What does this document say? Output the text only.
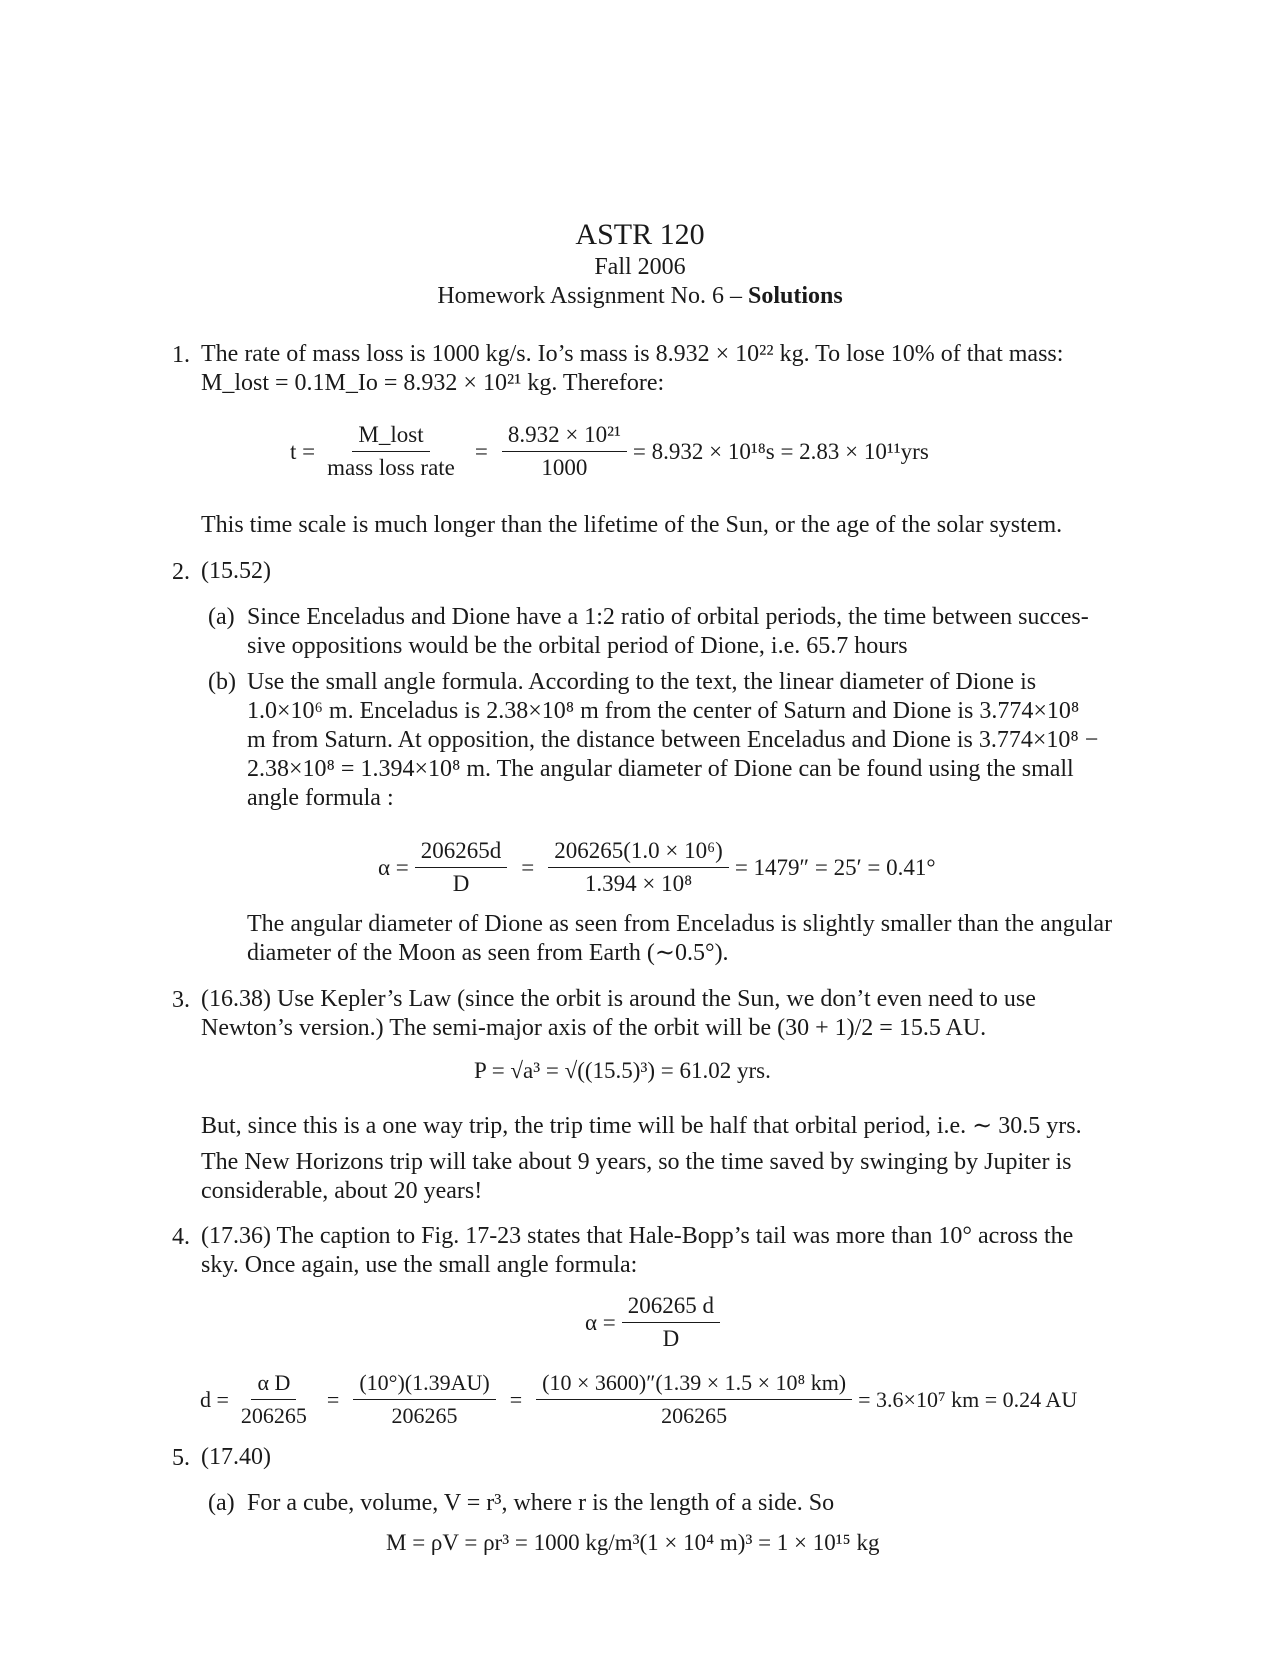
ASTR 120
Fall 2006
Homework Assignment No. 6 – Solutions
1. The rate of mass loss is 1000 kg/s. Io’s mass is 8.932 × 10²² kg. To lose 10% of that mass:
M_lost = 0.1M_Io = 8.932 × 10²¹ kg. Therefore:
$t = \frac{\text{M\_lost}}{\text{mass loss rate}} = \frac{\text{8.932 × 10²¹}}{1000} = 8.932 \times 10^{18}s = 2.83 \times 10^{11}yrs$
This time scale is much longer than the lifetime of the Sun, or the age of the solar system.
2. (15.52)
(a) Since Enceladus and Dione have a 1:2 ratio of orbital periods, the time between succes-
sive oppositions would be the orbital period of Dione, i.e. 65.7 hours
(b) Use the small angle formula. According to the text, the linear diameter of Dione is
1.0×10⁶ m. Enceladus is 2.38×10⁸ m from the center of Saturn and Dione is 3.774×10⁸
m from Saturn. At opposition, the distance between Enceladus and Dione is 3.774×10⁸ −
2.38×10⁸ = 1.394×10⁸ m. The angular diameter of Dione can be found using the small
angle formula :
$\alpha = \frac{206265d}{D} = \frac{\text{206265(1.0 × 10⁶)}}{\text{1.394 × 10⁸}} = 1479'' = 25' = 0.41^\circ$
The angular diameter of Dione as seen from Enceladus is slightly smaller than the angular
diameter of the Moon as seen from Earth (∼0.5°).
3. (16.38) Use Kepler’s Law (since the orbit is around the Sun, we don’t even need to use
Newton’s version.) The semi-major axis of the orbit will be (30 + 1)/2 = 15.5 AU.
P = √a³ = √((15.5)³) = 61.02 yrs.
But, since this is a one way trip, the trip time will be half that orbital period, i.e. ∼ 30.5 yrs.
The New Horizons trip will take about 9 years, so the time saved by swinging by Jupiter is
considerable, about 20 years!
4. (17.36) The caption to Fig. 17-23 states that Hale-Bopp’s tail was more than 10° across the
sky. Once again, use the small angle formula:
$\alpha = \frac{206265 d}{D}$
$d = \frac{\text{α D}}{206265} = \frac{(10^\circ)(1.39AU)}{206265} = \frac{\text{(10 × 3600)″(1.39 × 1.5 × 10⁸ km)}}{206265} = 3.6\times 10^7$ km = 0.24 AU
5. (17.40)
(a) For a cube, volume, V = r³, where r is the length of a side. So
M = ρV = ρr³ = 1000 kg/m³(1 × 10⁴ m)³ = 1 × 10¹⁵ kg
